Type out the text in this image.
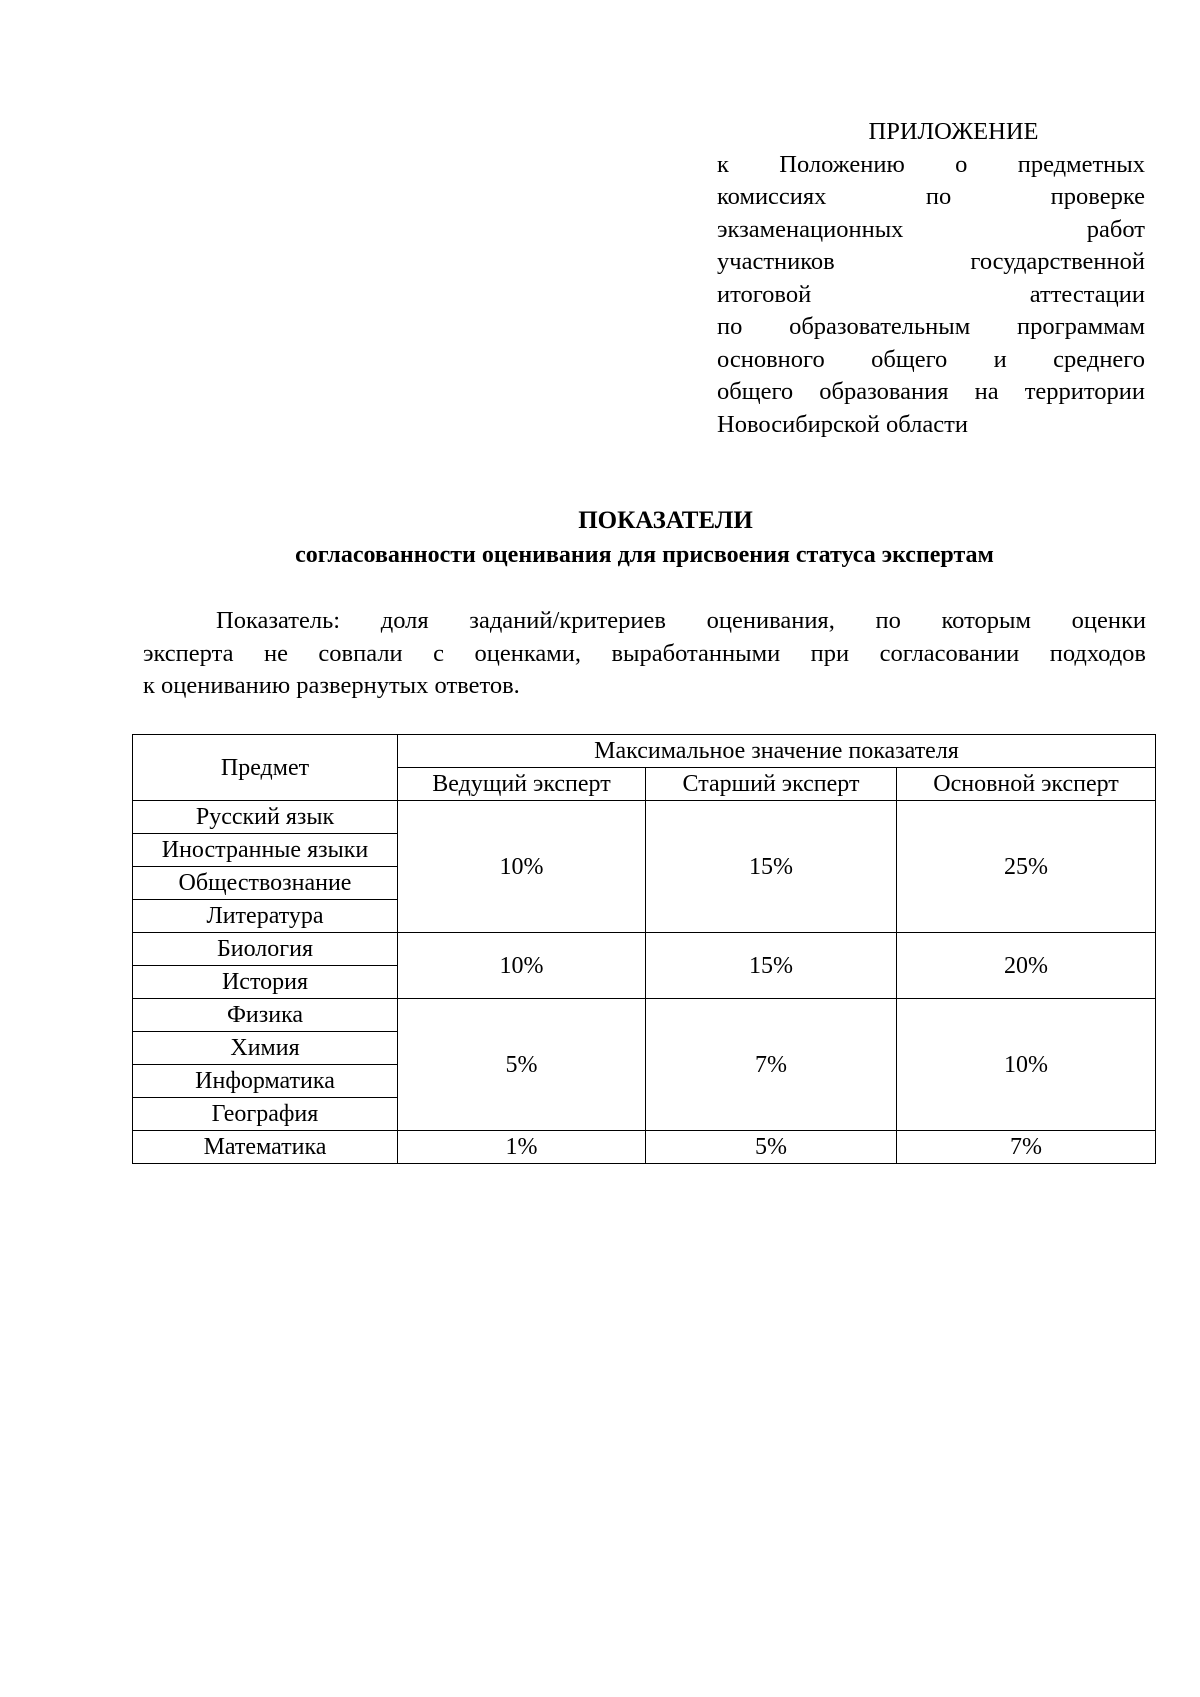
ПРИЛОЖЕНИЕ
к Положению о предметных
комиссиях по проверке
экзаменационных работ
участников государственной
итоговой аттестации
по образовательным программам
основного общего и среднего
общего образования на территории
Новосибирской области
ПОКАЗАТЕЛИ
согласованности оценивания для присвоения статуса экспертам
Показатель: доля заданий/критериев оценивания, по которым оценки
эксперта не совпали с оценками, выработанными при согласовании подходов
к оцениванию развернутых ответов.
Предмет	Максимальное значение показателя		
	Ведущий эксперт	Старший эксперт	Основной эксперт
Русский язык	10%	15%	25%
Иностранные языки			
Обществознание			
Литература			
Биология	10%	15%	20%
История			
Физика	5%	7%	10%
Химия			
Информатика			
География			
Математика	1%	5%	7%
